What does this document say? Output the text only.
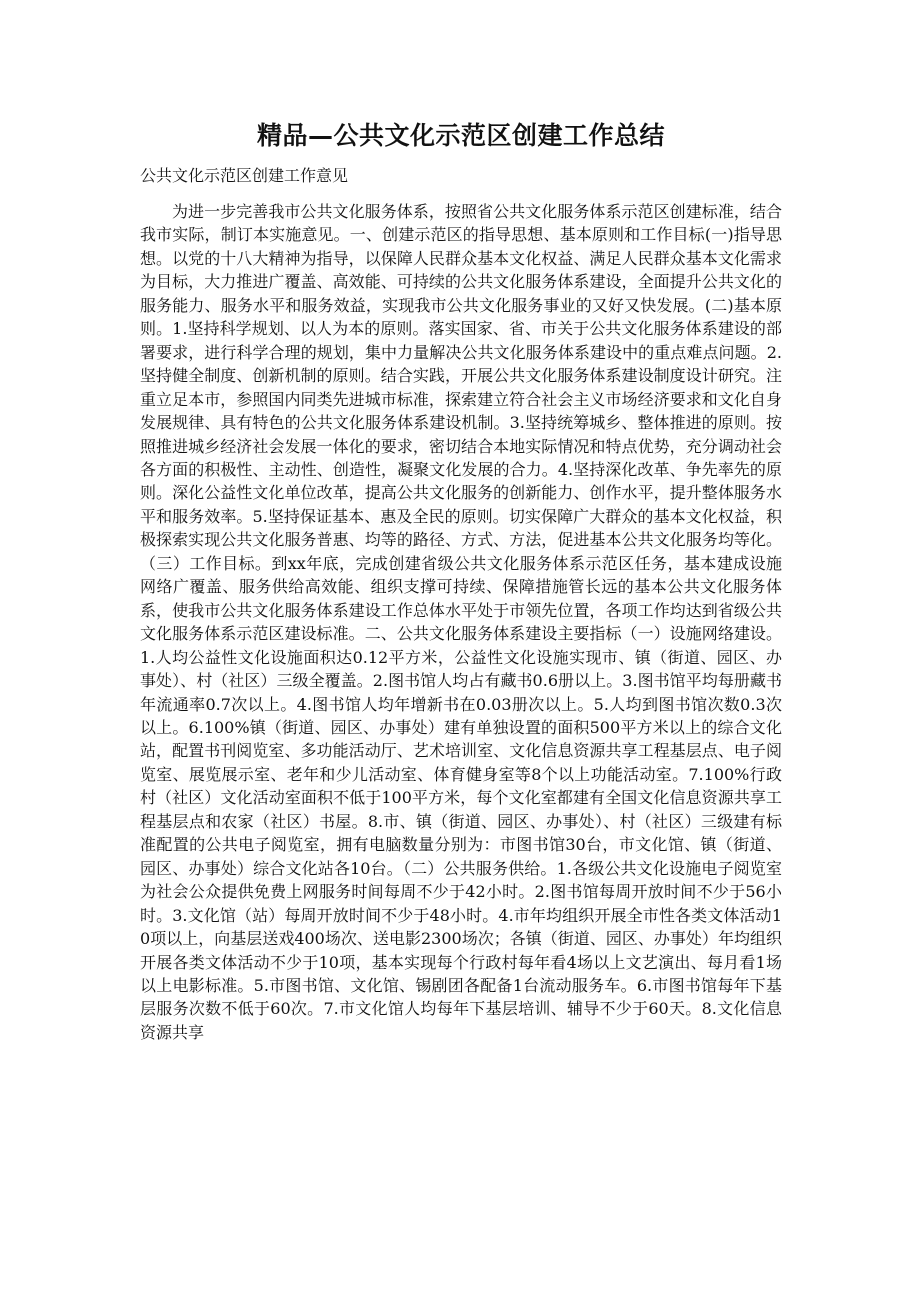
精品—公共文化示范区创建工作总结

公共文化示范区创建工作意见

为进一步完善我市公共文化服务体系，按照省公共文化服务体系示范区创建标准，结合我市实际，制订本实施意见。一、创建示范区的指导思想、基本原则和工作目标(一)指导思想。以党的十八大精神为指导，以保障人民群众基本文化权益、满足人民群众基本文化需求为目标，大力推进广覆盖、高效能、可持续的公共文化服务体系建设，全面提升公共文化的服务能力、服务水平和服务效益，实现我市公共文化服务事业的又好又快发展。(二)基本原则。1.坚持科学规划、以人为本的原则。落实国家、省、市关于公共文化服务体系建设的部署要求，进行科学合理的规划，集中力量解决公共文化服务体系建设中的重点难点问题。2.坚持健全制度、创新机制的原则。结合实践，开展公共文化服务体系建设制度设计研究。注重立足本市，参照国内同类先进城市标准，探索建立符合社会主义市场经济要求和文化自身发展规律、具有特色的公共文化服务体系建设机制。3.坚持统筹城乡、整体推进的原则。按照推进城乡经济社会发展一体化的要求，密切结合本地实际情况和特点优势，充分调动社会各方面的积极性、主动性、创造性，凝聚文化发展的合力。4.坚持深化改革、争先率先的原则。深化公益性文化单位改革，提高公共文化服务的创新能力、创作水平，提升整体服务水平和服务效率。5.坚持保证基本、惠及全民的原则。切实保障广大群众的基本文化权益，积极探索实现公共文化服务普惠、均等的路径、方式、方法，促进基本公共文化服务均等化。（三）工作目标。到xx年底，完成创建省级公共文化服务体系示范区任务，基本建成设施网络广覆盖、服务供给高效能、组织支撑可持续、保障措施管长远的基本公共文化服务体系，使我市公共文化服务体系建设工作总体水平处于市领先位置，各项工作均达到省级公共文化服务体系示范区建设标准。二、公共文化服务体系建设主要指标（一）设施网络建设。1.人均公益性文化设施面积达0.12平方米，公益性文化设施实现市、镇（街道、园区、办事处）、村（社区）三级全覆盖。2.图书馆人均占有藏书0.6册以上。3.图书馆平均每册藏书年流通率0.7次以上。4.图书馆人均年增新书在0.03册次以上。5.人均到图书馆次数0.3次以上。6.100%镇（街道、园区、办事处）建有单独设置的面积500平方米以上的综合文化站，配置书刊阅览室、多功能活动厅、艺术培训室、文化信息资源共享工程基层点、电子阅览室、展览展示室、老年和少儿活动室、体育健身室等8个以上功能活动室。7.100%行政村（社区）文化活动室面积不低于100平方米，每个文化室都建有全国文化信息资源共享工程基层点和农家（社区）书屋。8.市、镇（街道、园区、办事处）、村（社区）三级建有标准配置的公共电子阅览室，拥有电脑数量分别为：市图书馆30台，市文化馆、镇（街道、园区、办事处）综合文化站各10台。（二）公共服务供给。1.各级公共文化设施电子阅览室为社会公众提供免费上网服务时间每周不少于42小时。2.图书馆每周开放时间不少于56小时。3.文化馆（站）每周开放时间不少于48小时。4.市年均组织开展全市性各类文体活动10项以上，向基层送戏400场次、送电影2300场次；各镇（街道、园区、办事处）年均组织开展各类文体活动不少于10项，基本实现每个行政村每年看4场以上文艺演出、每月看1场以上电影标准。5.市图书馆、文化馆、锡剧团各配备1台流动服务车。6.市图书馆每年下基层服务次数不低于60次。7.市文化馆人均每年下基层培训、辅导不少于60天。8.文化信息资源共享
